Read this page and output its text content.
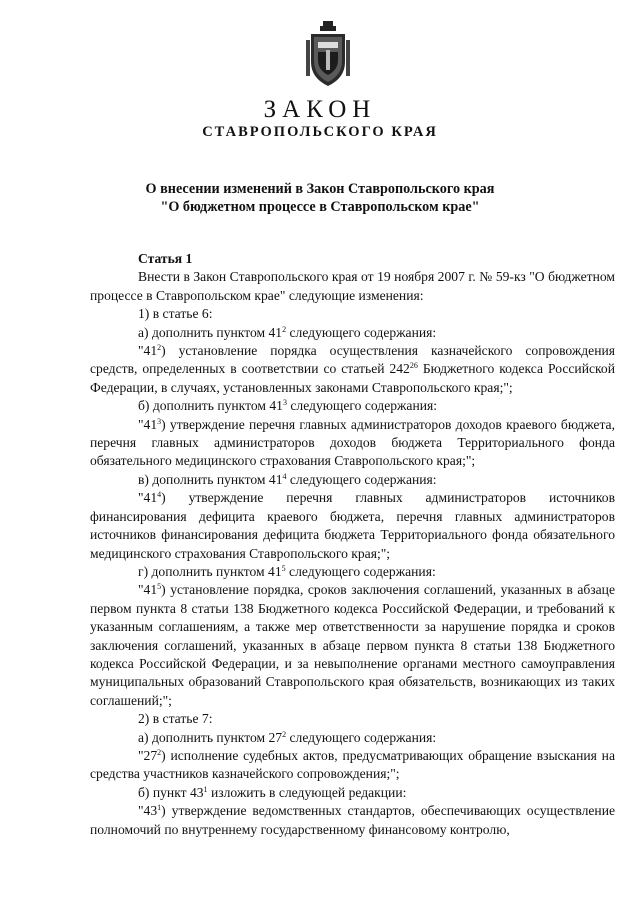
ЗАКОН
СТАВРОПОЛЬСКОГО КРАЯ
О внесении изменений в Закон Ставропольского края
"О бюджетном процессе в Ставропольском крае"
Статья 1

Внести в Закон Ставропольского края от 19 ноября 2007 г. № 59-кз "О бюджетном процессе в Ставропольском крае" следующие изменения:

1) в статье 6:

а) дополнить пунктом $41^2$ следующего содержания:

"$41^2$) установление порядка осуществления казначейского сопровождения средств, определенных в соответствии со статьей $242^{26}$ Бюджетного кодекса Российской Федерации, в случаях, установленных законами Ставропольского края;";

б) дополнить пунктом $41^3$ следующего содержания:

"$41^3$) утверждение перечня главных администраторов доходов краевого бюджета, перечня главных администраторов доходов бюджета Территориального фонда обязательного медицинского страхования Ставропольского края;";

в) дополнить пунктом $41^4$ следующего содержания:

"$41^4$) утверждение перечня главных администраторов источников финансирования дефицита краевого бюджета, перечня главных администраторов источников финансирования дефицита бюджета Территориального фонда обязательного медицинского страхования Ставропольского края;";

г) дополнить пунктом $41^5$ следующего содержания:

"$41^5$) установление порядка, сроков заключения соглашений, указанных в абзаце первом пункта 8 статьи 138 Бюджетного кодекса Российской Федерации, и требований к указанным соглашениям, а также мер ответственности за нарушение порядка и сроков заключения соглашений, указанных в абзаце первом пункта 8 статьи 138 Бюджетного кодекса Российской Федерации, и за невыполнение органами местного самоуправления муниципальных образований Ставропольского края обязательств, возникающих из таких соглашений;";

2) в статье 7:

а) дополнить пунктом $27^2$ следующего содержания:

"$27^2$) исполнение судебных актов, предусматривающих обращение взыскания на средства участников казначейского сопровождения;";

б) пункт $43^1$ изложить в следующей редакции:

"$43^1$) утверждение ведомственных стандартов, обеспечивающих осуществление полномочий по внутреннему государственному финансовому контролю,
